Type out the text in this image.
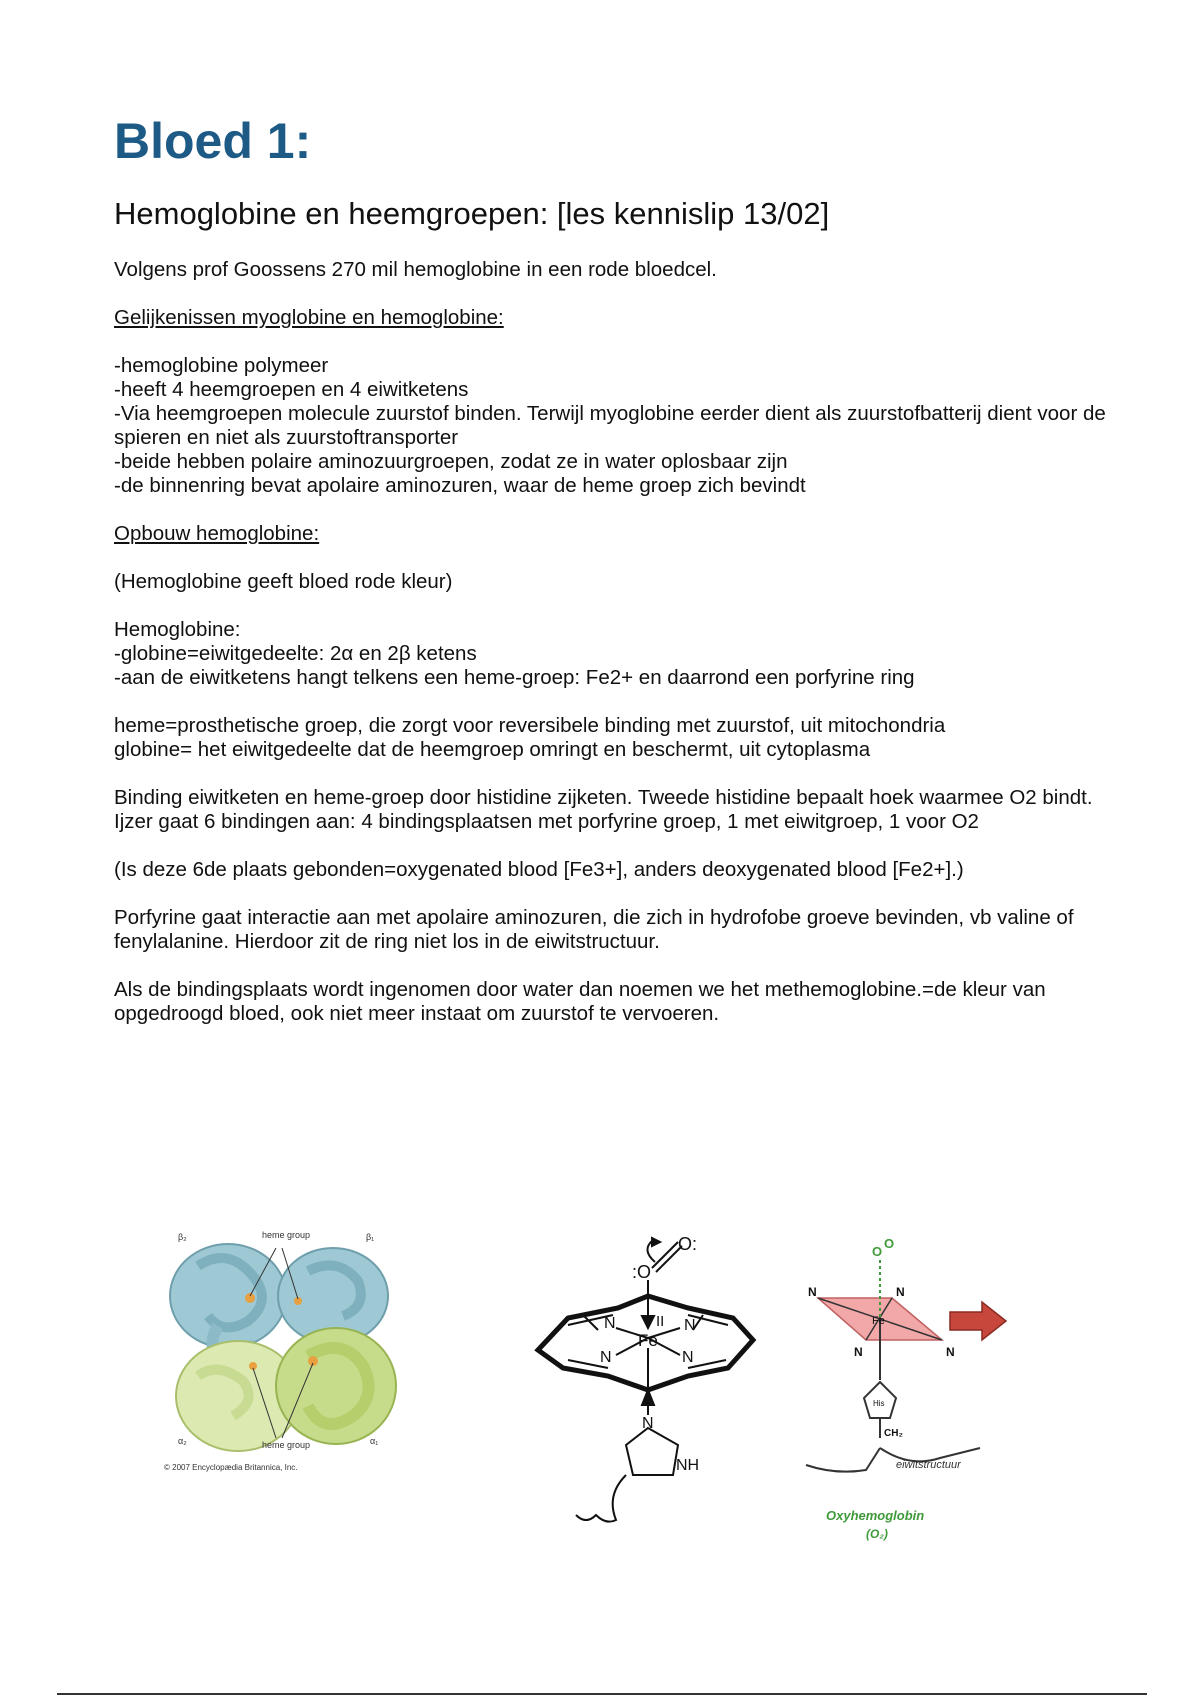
Bloed 1:
Hemoglobine en heemgroepen: [les kennislip 13/02]

Volgens prof Goossens 270 mil hemoglobine in een rode bloedcel.

Gelijkenissen myoglobine en hemoglobine:

-hemoglobine polymeer
-heeft 4 heemgroepen en 4 eiwitketens
-Via heemgroepen molecule zuurstof binden. Terwijl myoglobine eerder dient als zuurstofbatterij dient voor de spieren en niet als zuurstoftransporter
-beide hebben polaire aminozuurgroepen, zodat ze in water oplosbaar zijn
-de binnenring bevat apolaire aminozuren, waar de heme groep zich bevindt

Opbouw hemoglobine:

(Hemoglobine geeft bloed rode kleur)

Hemoglobine:
-globine=eiwitgedeelte: 2α en 2β ketens
-aan de eiwitketens hangt telkens een heme-groep: Fe2+ en daarrond een porfyrine ring

heme=prosthetische groep, die zorgt voor reversibele binding met zuurstof, uit mitochondria
globine= het eiwitgedeelte dat de heemgroep omringt en beschermt, uit cytoplasma

Binding eiwitketen en heme-groep door histidine zijketen. Tweede histidine bepaalt hoek waarmee O2 bindt.
Ijzer gaat 6 bindingen aan: 4 bindingsplaatsen met porfyrine groep, 1 met eiwitgroep, 1 voor O2

(Is deze 6de plaats gebonden=oxygenated blood [Fe3+], anders deoxygenated blood [Fe2+].)

Porfyrine gaat interactie aan met apolaire aminozuren, die zich in hydrofobe groeve bevinden, vb valine of fenylalanine. Hierdoor zit de ring niet los in de eiwitstructuur.

Als de bindingsplaats wordt ingenomen door water dan noemen we het methemoglobine.=de kleur van opgedroogd bloed, ook niet meer instaat om zuurstof te vervoeren.

β₂	β₁
α₂	α₁
heme group
heme group
© 2007 Encyclopædia Britannica, Inc.
O:
:O
Fe
II
N	N
N	N
N
NH
O
O
N	N
N	N
Fe
His
CH₂
eiwitstructuur
Oxyhemoglobin
(O₂)
